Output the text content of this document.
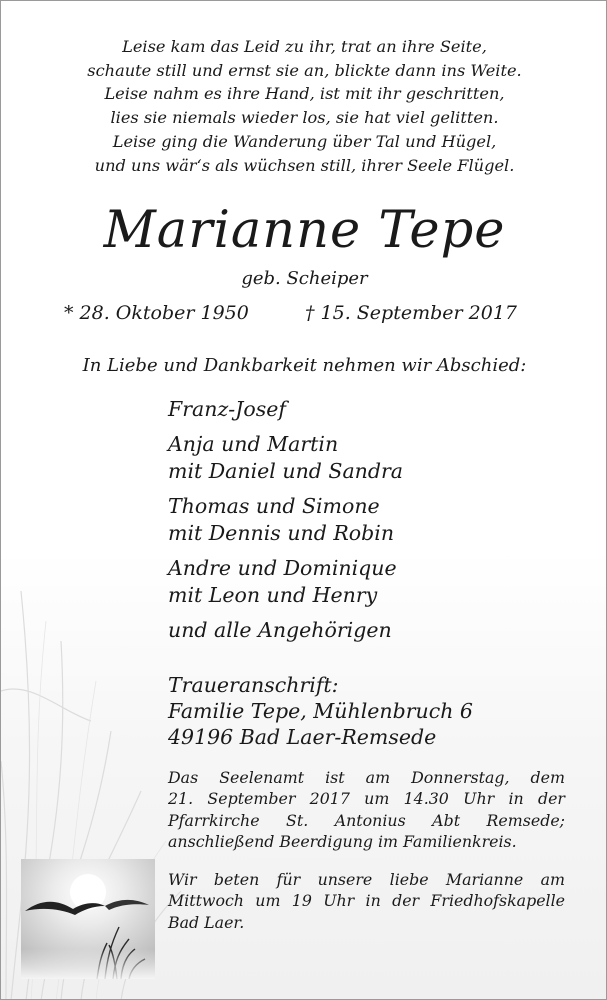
Leise kam das Leid zu ihr, trat an ihre Seite,
schaute still und ernst sie an, blickte dann ins Weite.
Leise nahm es ihre Hand, ist mit ihr geschritten,
lies sie niemals wieder los, sie hat viel gelitten.
Leise ging die Wanderung über Tal und Hügel,
und uns wär‘s als wüchsen still, ihrer Seele Flügel.
Marianne Tepe
geb. Scheiper
* 28. Oktober 1950	† 15. September 2017
In Liebe und Dankbarkeit nehmen wir Abschied:
Franz-Josef
Anja und Martin
mit Daniel und Sandra
Thomas und Simone
mit Dennis und Robin
Andre und Dominique
mit Leon und Henry
und alle Angehörigen
Traueranschrift:
Familie Tepe, Mühlenbruch 6
49196 Bad Laer-Remsede
Das Seelenamt ist am Donnerstag, dem
21. September 2017 um 14.30 Uhr in der
Pfarrkirche St. Antonius Abt Remsede;
anschließend Beerdigung im Familienkreis.
Wir beten für unsere liebe Marianne am
Mittwoch um 19 Uhr in der Friedhofskapelle
Bad Laer.
